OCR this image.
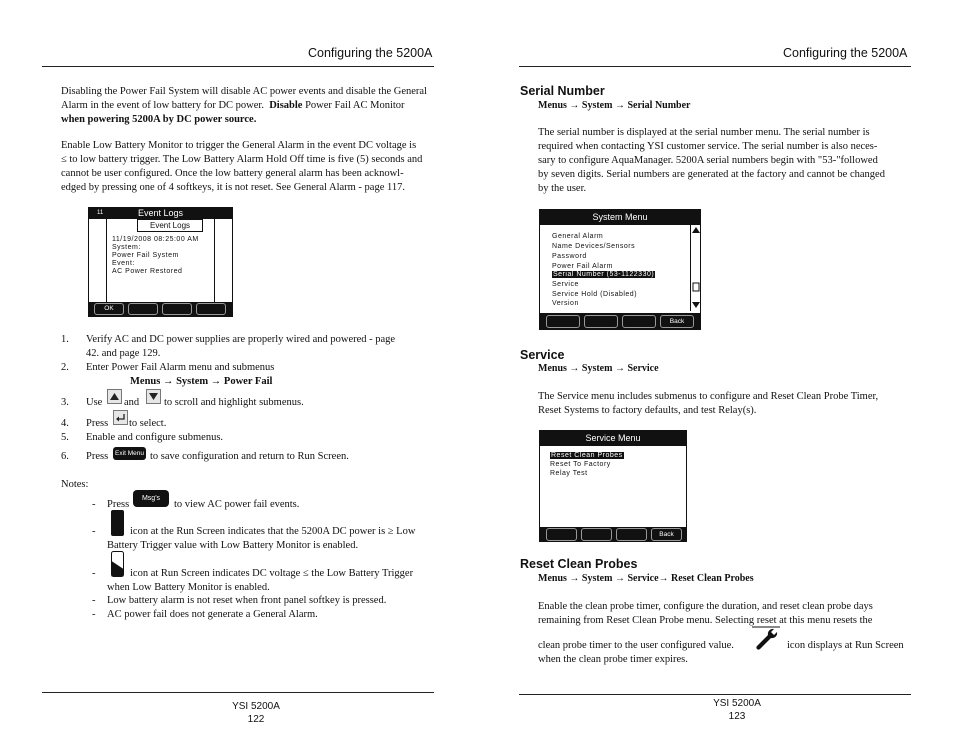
Configuring the 5200A
Disabling the Power Fail System will disable AC power events and disable the General
Alarm in the event of low battery for DC power. Disable Power Fail AC Monitor
when powering 5200A by DC power source.
Enable Low Battery Monitor to trigger the General Alarm in the event DC voltage is
≤ to low battery trigger. The Low Battery Alarm Hold Off time is five (5) seconds and
cannot be user configured. Once the low battery general alarm has been acknowl-
edged by pressing one of 4 softkeys, it is not reset. See General Alarm - page 117.
Event Logs
11
Event Logs
11/19/2008 08:25:00 AM
System:
Power Fail System
Event:
AC Power Restored
OK
1. Verify AC and DC power supplies are properly wired and powered - page
42. and page 129.
2. Enter Power Fail Alarm menu and submenus
Menus → System → Power Fail
3. Use and to scroll and highlight submenus.
4. Press to select.
5. Enable and configure submenus.
6. Press	Exit Menu to save configuration and return to Run Screen.
Notes:
- Press
Msg's
to view AC power fail events.
-	icon at the Run Screen indicates that the 5200A DC power is ≥ Low
Battery Trigger value with Low Battery Monitor is enabled.
-	icon at Run Screen indicates DC voltage ≤ the Low Battery Trigger
when Low Battery Monitor is enabled.
- Low battery alarm is not reset when front panel softkey is pressed.
- AC power fail does not generate a General Alarm.
YSI 5200A
122
Configuring the 5200A
Serial Number
Menus → System → Serial Number
The serial number is displayed at the serial number menu. The serial number is
required when contacting YSI customer service. The serial number is also neces-
sary to configure AquaManager. 5200A serial numbers begin with "53-"followed
by seven digits. Serial numbers are generated at the factory and cannot be changed
by the user.
System Menu
General Alarm
Name Devices/Sensors
Password
Power Fail Alarm
Serial Number (53-1122330)
Service
Service Hold (Disabled)
Version
Back
Service
Menus → System → Service
The Service menu includes submenus to configure and Reset Clean Probe Timer,
Reset Systems to factory defaults, and test Relay(s).
Service Menu
Reset Clean Probes
Reset To Factory
Relay Test
Back
Reset Clean Probes
Menus → System → Service→ Reset Clean Probes
Enable the clean probe timer, configure the duration, and reset clean probe days
remaining from Reset Clean Probe menu. Selecting reset at this menu resets the
clean probe timer to the user configured value.	icon displays at Run Screen
when the clean probe timer expires.
YSI 5200A
123
